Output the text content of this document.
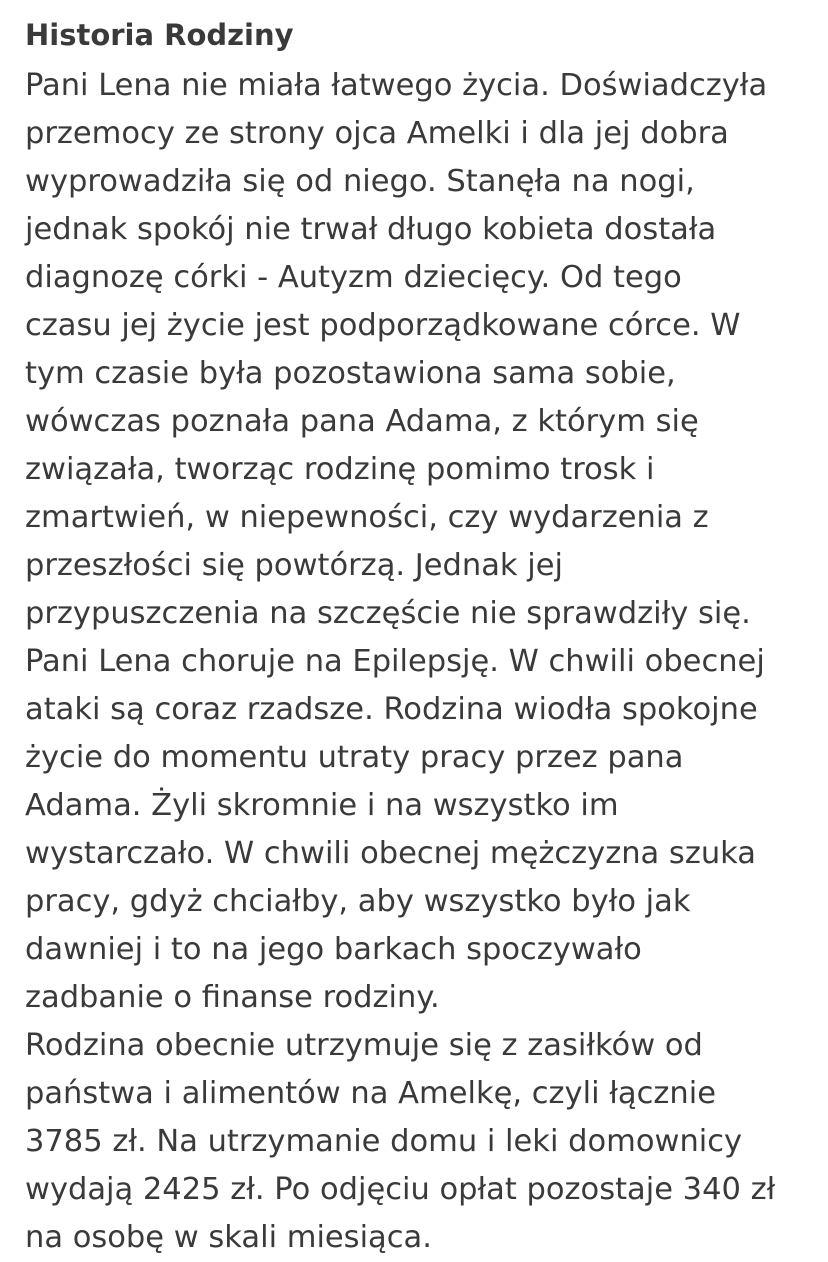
Historia Rodziny

Pani Lena nie miała łatwego życia. Doświadczyła
przemocy ze strony ojca Amelki i dla jej dobra
wyprowadziła się od niego. Stanęła na nogi,
jednak spokój nie trwał długo kobieta dostała
diagnozę córki - Autyzm dziecięcy. Od tego
czasu jej życie jest podporządkowane córce. W
tym czasie była pozostawiona sama sobie,
wówczas poznała pana Adama, z którym się
związała, tworząc rodzinę pomimo trosk i
zmartwień, w niepewności, czy wydarzenia z
przeszłości się powtórzą. Jednak jej
przypuszczenia na szczęście nie sprawdziły się.
Pani Lena choruje na Epilepsję. W chwili obecnej
ataki są coraz rzadsze. Rodzina wiodła spokojne
życie do momentu utraty pracy przez pana
Adama. Żyli skromnie i na wszystko im
wystarczało. W chwili obecnej mężczyzna szuka
pracy, gdyż chciałby, aby wszystko było jak
dawniej i to na jego barkach spoczywało
zadbanie o finanse rodziny.

Rodzina obecnie utrzymuje się z zasiłków od
państwa i alimentów na Amelkę, czyli łącznie
3785 zł. Na utrzymanie domu i leki domownicy
wydają 2425 zł. Po odjęciu opłat pozostaje 340 zł
na osobę w skali miesiąca.
